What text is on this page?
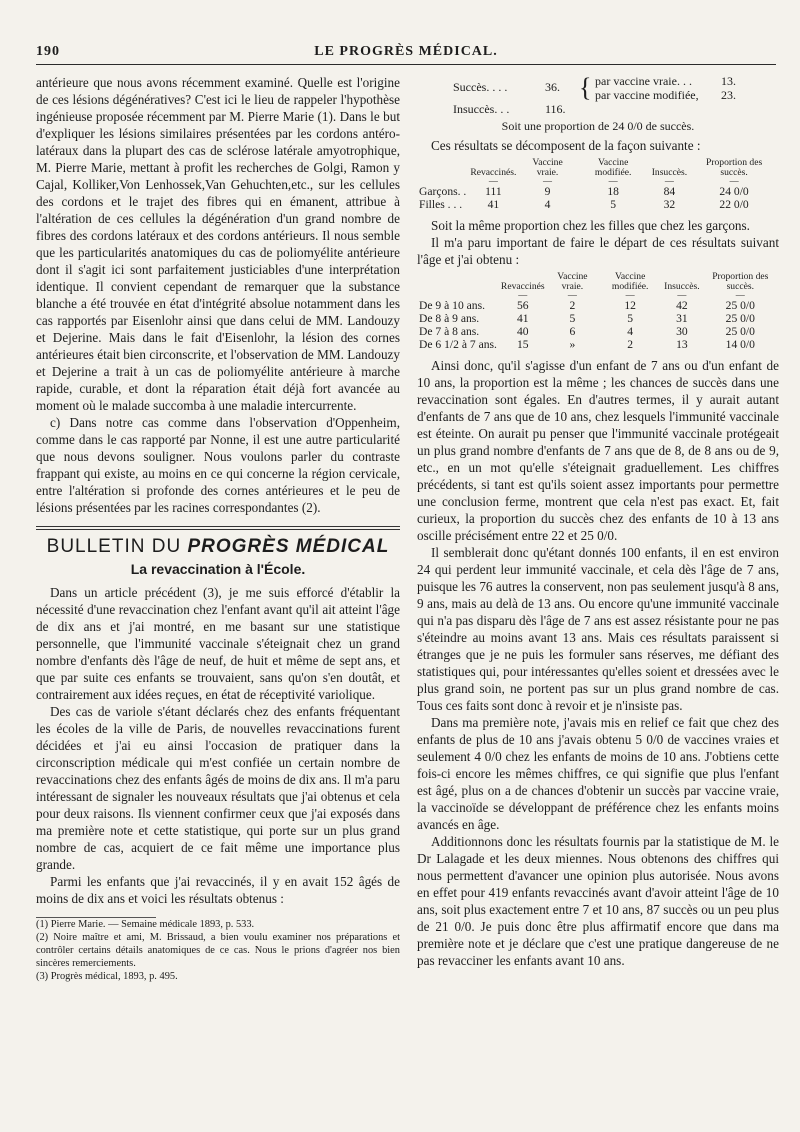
190	LE PROGRÈS MÉDICAL.

antérieure que nous avons récemment examiné. Quelle est l'origine de ces lésions dégénératives? C'est ici le lieu de rappeler l'hypothèse ingénieuse proposée récemment par M. Pierre Marie (1). Dans le but d'expliquer les lésions similaires présentées par les cordons antéro-latéraux dans la plupart des cas de sclérose latérale amyotrophique, M. Pierre Marie, mettant à profit les recherches de Golgi, Ramon y Cajal, Kolliker,Von Lenhossek,Van Gehuchten,etc., sur les cellules des cordons et le trajet des fibres qui en émanent, attribue à l'altération de ces cellules la dégénération d'un grand nombre de fibres des cordons latéraux et des cordons antérieurs. Il nous semble que les particularités anatomiques du cas de poliomyélite antérieure dont il s'agit ici sont parfaitement justiciables d'une interprétation identique. Il convient cependant de remarquer que la substance blanche a été trouvée en état d'intégrité absolue notamment dans les cas rapportés par Eisenlohr ainsi que dans celui de MM. Landouzy et Dejerine. Mais dans le fait d'Eisenlohr, la lésion des cornes antérieures était bien circonscrite, et l'observation de MM. Landouzy et Dejerine a trait à un cas de poliomyélite antérieure à marche rapide, curable, et dont la réparation était déjà fort avancée au moment où le malade succomba à une maladie intercurrente.

c) Dans notre cas comme dans l'observation d'Oppenheim, comme dans le cas rapporté par Nonne, il est une autre particularité que nous devons souligner. Nous voulons parler du contraste frappant qui existe, au moins en ce qui concerne la région cervicale, entre l'altération si profonde des cornes antérieures et le peu de lésions présentées par les racines correspondantes (2).

BULLETIN DU PROGRÈS MÉDICAL
La revaccination à l'École.

Dans un article précédent (3), je me suis efforcé d'établir la nécessité d'une revaccination chez l'enfant avant qu'il ait atteint l'âge de dix ans et j'ai montré, en me basant sur une statistique personnelle, que l'immunité vaccinale s'éteignait chez un grand nombre d'enfants dès l'âge de neuf, de huit et même de sept ans, et que par suite ces enfants se trouvaient, sans qu'on s'en doutât, et contrairement aux idées reçues, en état de réceptivité variolique.

Des cas de variole s'étant déclarés chez des enfants fréquentant les écoles de la ville de Paris, de nouvelles revaccinations furent décidées et j'ai eu ainsi l'occasion de pratiquer dans la circonscription médicale qui m'est confiée un certain nombre de revaccinations chez des enfants âgés de moins de dix ans. Il m'a paru intéressant de signaler les nouveaux résultats que j'ai obtenus et cela pour deux raisons. Ils viennent confirmer ceux que j'ai exposés dans ma première note et cette statistique, qui porte sur un plus grand nombre de cas, acquiert de ce fait même une importance plus grande.

Parmi les enfants que j'ai revaccinés, il y en avait 152 âgés de moins de dix ans et voici les résultats obtenus :

(1) Pierre Marie. — Semaine médicale 1893, p. 533.

(2) Noire maître et ami, M. Brissaud, a bien voulu examiner nos préparations et contrôler certains détails anatomiques de ce cas. Nous le prions d'agréer nos bien sincères remerciements.

(3) Progrès médical, 1893, p. 495.

Succès. . . .	36. { par vaccine vraie. . . 13.
par vaccine modifiée, 23.
Insuccès. . .	116.
Soit une proportion de 24 0/0 de succès.

Ces résultats se décomposent de la façon suivante :

	Revaccinés.	Vaccine vraie.	Vaccine modifiée.	Insuccès.	Proportion des succès.
	—	—	—	—	—
Garçons. .	111	9	18	84	24 0/0
Filles . . .	41	4	5	32	22 0/0

Soit la même proportion chez les filles que chez les garçons.

Il m'a paru important de faire le départ de ces résultats suivant l'âge et j'ai obtenu :

	Revaccinés	Vaccine vraie.	Vaccine modifiée.	Insuccès.	Proportion des succès.
	—	—	—	—	—
De 9 à 10 ans.	56	2	12	42	25 0/0
De 8 à 9 ans.	41	5	5	31	25 0/0
De 7 à 8 ans.	40	6	4	30	25 0/0
De 6 1/2 à 7 ans.	15	»	2	13	14 0/0

Ainsi donc, qu'il s'agisse d'un enfant de 7 ans ou d'un enfant de 10 ans, la proportion est la même ; les chances de succès dans une revaccination sont égales. En d'autres termes, il y aurait autant d'enfants de 7 ans que de 10 ans, chez lesquels l'immunité vaccinale est éteinte. On aurait pu penser que l'immunité vaccinale protégeait un plus grand nombre d'enfants de 7 ans que de 8, de 8 ans ou de 9, etc., en un mot qu'elle s'éteignait graduellement. Les chiffres précédents, si tant est qu'ils soient assez importants pour permettre une conclusion ferme, montrent que cela n'est pas exact. Et, fait curieux, la proportion du succès chez des enfants de 10 à 13 ans oscille précisément entre 22 et 25 0/0.

Il semblerait donc qu'étant donnés 100 enfants, il en est environ 24 qui perdent leur immunité vaccinale, et cela dès l'âge de 7 ans, puisque les 76 autres la conservent, non pas seulement jusqu'à 8 ans, 9 ans, mais au delà de 13 ans. Ou encore qu'une immunité vaccinale qui n'a pas disparu dès l'âge de 7 ans est assez résistante pour ne pas s'éteindre au moins avant 13 ans. Mais ces résultats paraissent si étranges que je ne puis les formuler sans réserves, me défiant des statistiques qui, pour intéressantes qu'elles soient et dressées avec le plus grand soin, ne portent pas sur un plus grand nombre de cas. Tous ces faits sont donc à revoir et je n'insiste pas.

Dans ma première note, j'avais mis en relief ce fait que chez des enfants de plus de 10 ans j'avais obtenu 5 0/0 de vaccines vraies et seulement 4 0/0 chez les enfants de moins de 10 ans. J'obtiens cette fois-ci encore les mêmes chiffres, ce qui signifie que plus l'enfant est âgé, plus on a de chances d'obtenir un succès par vaccine vraie, la vaccinoïde se développant de préférence chez les enfants moins avancés en âge.

Additionnons donc les résultats fournis par la statistique de M. le Dr Lalagade et les deux miennes. Nous obtenons des chiffres qui nous permettent d'avancer une opinion plus autorisée. Nous avons en effet pour 419 enfants revaccinés avant d'avoir atteint l'âge de 10 ans, soit plus exactement entre 7 et 10 ans, 87 succès ou un peu plus de 21 0/0. Je puis donc être plus affirmatif encore que dans ma première note et je déclare que c'est une pratique dangereuse de ne pas revacciner les enfants avant 10 ans.
